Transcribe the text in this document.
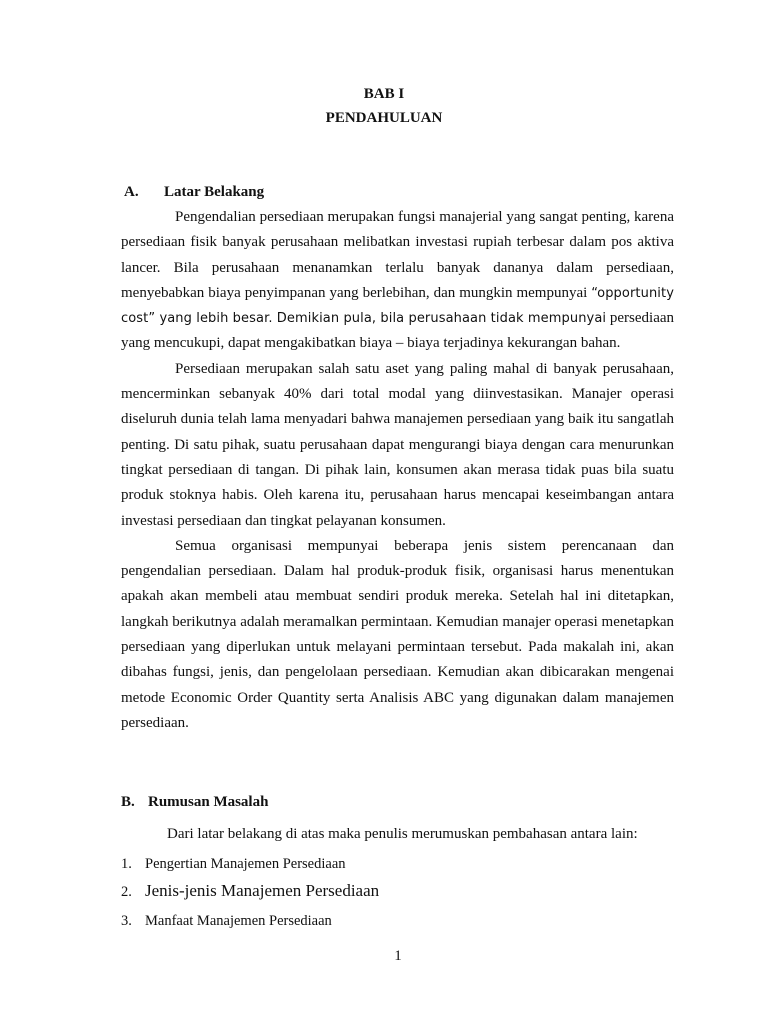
BAB I
PENDAHULUAN
A. Latar Belakang

Pengendalian persediaan merupakan fungsi manajerial yang sangat penting, karena persediaan fisik banyak perusahaan melibatkan investasi rupiah terbesar dalam pos aktiva lancer. Bila perusahaan menanamkan terlalu banyak dananya dalam persediaan, menyebabkan biaya penyimpanan yang berlebihan, dan mungkin mempunyai “opportunity cost” yang lebih besar. Demikian pula, bila perusahaan tidak mempunyai persediaan yang mencukupi, dapat mengakibatkan biaya – biaya terjadinya kekurangan bahan.

Persediaan merupakan salah satu aset yang paling mahal di banyak perusahaan, mencerminkan sebanyak 40% dari total modal yang diinvestasikan. Manajer operasi diseluruh dunia telah lama menyadari bahwa manajemen persediaan yang baik itu sangatlah penting. Di satu pihak, suatu perusahaan dapat mengurangi biaya dengan cara menurunkan tingkat persediaan di tangan. Di pihak lain, konsumen akan merasa tidak puas bila suatu produk stoknya habis. Oleh karena itu, perusahaan harus mencapai keseimbangan antara investasi persediaan dan tingkat pelayanan konsumen.

Semua organisasi mempunyai beberapa jenis sistem perencanaan dan pengendalian persediaan. Dalam hal produk-produk fisik, organisasi harus menentukan apakah akan membeli atau membuat sendiri produk mereka. Setelah hal ini ditetapkan, langkah berikutnya adalah meramalkan permintaan. Kemudian manajer operasi menetapkan persediaan yang diperlukan untuk melayani permintaan tersebut. Pada makalah ini, akan dibahas fungsi, jenis, dan pengelolaan persediaan. Kemudian akan dibicarakan mengenai metode Economic Order Quantity serta Analisis ABC yang digunakan dalam manajemen persediaan.

B. Rumusan Masalah
Dari latar belakang di atas maka penulis merumuskan pembahasan antara lain:
1. Pengertian Manajemen Persediaan
2. Jenis-jenis Manajemen Persediaan
3. Manfaat Manajemen Persediaan
1
